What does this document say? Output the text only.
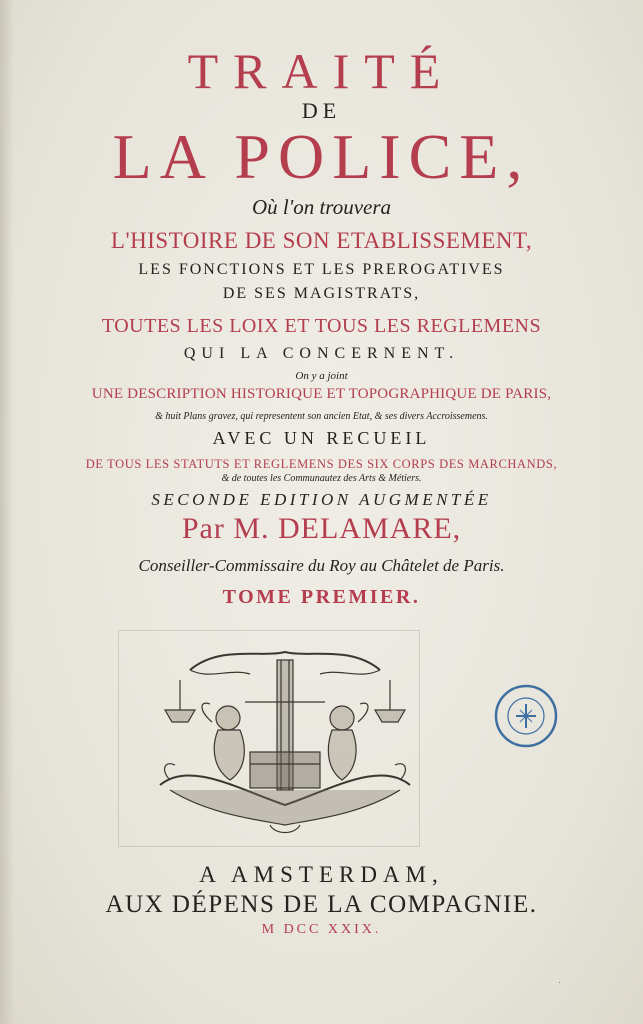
TRAITÉ
DE
LA POLICE,
Où l'on trouvera
L'HISTOIRE DE SON ETABLISSEMENT,
LES FONCTIONS ET LES PREROGATIVES
DE SES MAGISTRATS,
TOUTES LES LOIX ET TOUS LES REGLEMENS
QUI LA CONCERNENT.
On y a joint
UNE DESCRIPTION HISTORIQUE ET TOPOGRAPHIQUE DE PARIS,
& huit Plans gravez, qui representent son ancien Etat, & ses divers Accroissemens.
AVEC UN RECUEIL
DE TOUS LES STATUTS ET REGLEMENS DES SIX CORPS DES MARCHANDS,
& de toutes les Communautez des Arts & Métiers.
SECONDE EDITION AUGMENTÉE
Par M. DELAMARE,
Conseiller-Commissaire du Roy au Châtelet de Paris.
TOME PREMIER.
A AMSTERDAM,
AUX DÉPENS DE LA COMPAGNIE.
M DCC XXIX.
·
